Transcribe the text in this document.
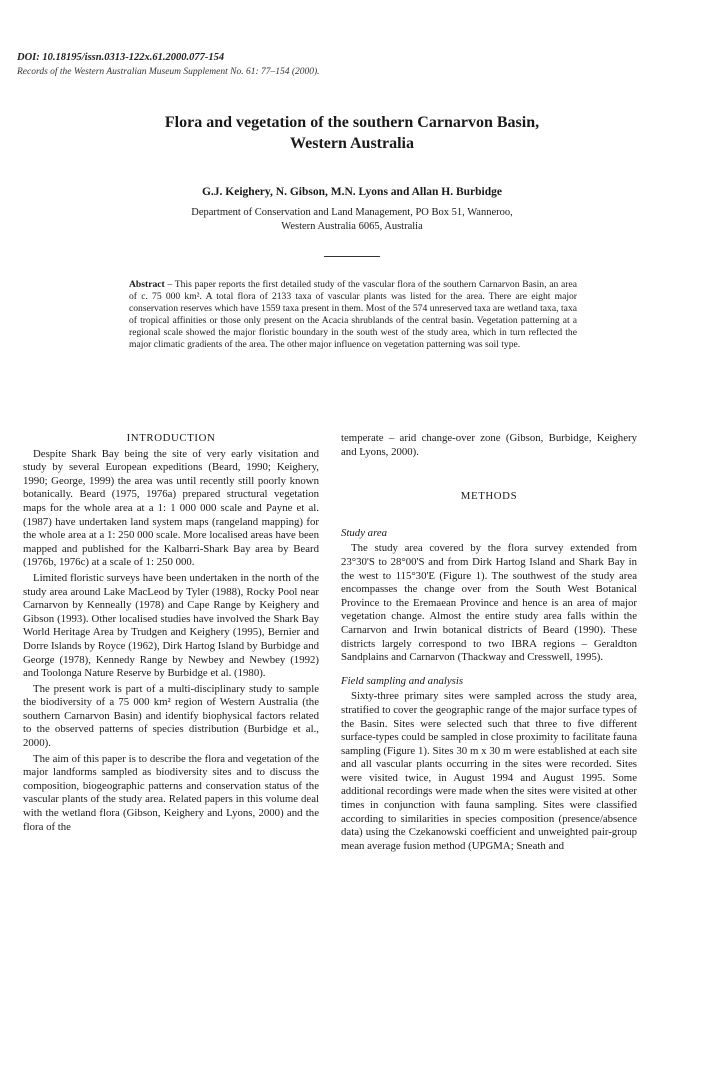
DOI: 10.18195/issn.0313-122x.61.2000.077-154
Records of the Western Australian Museum Supplement No. 61: 77–154 (2000).
Flora and vegetation of the southern Carnarvon Basin,
Western Australia
G.J. Keighery, N. Gibson, M.N. Lyons and Allan H. Burbidge
Department of Conservation and Land Management, PO Box 51, Wanneroo,
Western Australia 6065, Australia
Abstract – This paper reports the first detailed study of the vascular flora of the southern Carnarvon Basin, an area of c. 75 000 km². A total flora of 2133 taxa of vascular plants was listed for the area. There are eight major conservation reserves which have 1559 taxa present in them. Most of the 574 unreserved taxa are wetland taxa, taxa of tropical affinities or those only present on the Acacia shrublands of the central basin. Vegetation patterning at a regional scale showed the major floristic boundary in the south west of the study area, which in turn reflected the major climatic gradients of the area. The other major influence on vegetation patterning was soil type.
INTRODUCTION

Despite Shark Bay being the site of very early visitation and study by several European expeditions (Beard, 1990; Keighery, 1990; George, 1999) the area was until recently still poorly known botanically. Beard (1975, 1976a) prepared structural vegetation maps for the whole area at a 1: 1 000 000 scale and Payne et al. (1987) have undertaken land system maps (rangeland mapping) for the whole area at a 1: 250 000 scale. More localised areas have been mapped and published for the Kalbarri-Shark Bay area by Beard (1976b, 1976c) at a scale of 1: 250 000.

Limited floristic surveys have been undertaken in the north of the study area around Lake MacLeod by Tyler (1988), Rocky Pool near Carnarvon by Kenneally (1978) and Cape Range by Keighery and Gibson (1993). Other localised studies have involved the Shark Bay World Heritage Area by Trudgen and Keighery (1995), Bernier and Dorre Islands by Royce (1962), Dirk Hartog Island by Burbidge and George (1978), Kennedy Range by Newbey and Newbey (1992) and Toolonga Nature Reserve by Burbidge et al. (1980).

The present work is part of a multi-disciplinary study to sample the biodiversity of a 75 000 km² region of Western Australia (the southern Carnarvon Basin) and identify biophysical factors related to the observed patterns of species distribution (Burbidge et al., 2000).

The aim of this paper is to describe the flora and vegetation of the major landforms sampled as biodiversity sites and to discuss the composition, biogeographic patterns and conservation status of the vascular plants of the study area. Related papers in this volume deal with the wetland flora (Gibson, Keighery and Lyons, 2000) and the flora of the

temperate – arid change-over zone (Gibson, Burbidge, Keighery and Lyons, 2000).

METHODS
Study area

The study area covered by the flora survey extended from 23°30'S to 28°00'S and from Dirk Hartog Island and Shark Bay in the west to 115°30'E (Figure 1). The southwest of the study area encompasses the change over from the South West Botanical Province to the Eremaean Province and hence is an area of major vegetation change. Almost the entire study area falls within the Carnarvon and Irwin botanical districts of Beard (1990). These districts largely correspond to two IBRA regions – Geraldton Sandplains and Carnarvon (Thackway and Cresswell, 1995).

Field sampling and analysis

Sixty-three primary sites were sampled across the study area, stratified to cover the geographic range of the major surface types of the Basin. Sites were selected such that three to five different surface-types could be sampled in close proximity to facilitate fauna sampling (Figure 1). Sites 30 m x 30 m were established at each site and all vascular plants occurring in the sites were recorded. Sites were visited twice, in August 1994 and August 1995. Some additional recordings were made when the sites were visited at other times in conjunction with fauna sampling. Sites were classified according to similarities in species composition (presence/absence data) using the Czekanowski coefficient and unweighted pair-group mean average fusion method (UPGMA; Sneath and
